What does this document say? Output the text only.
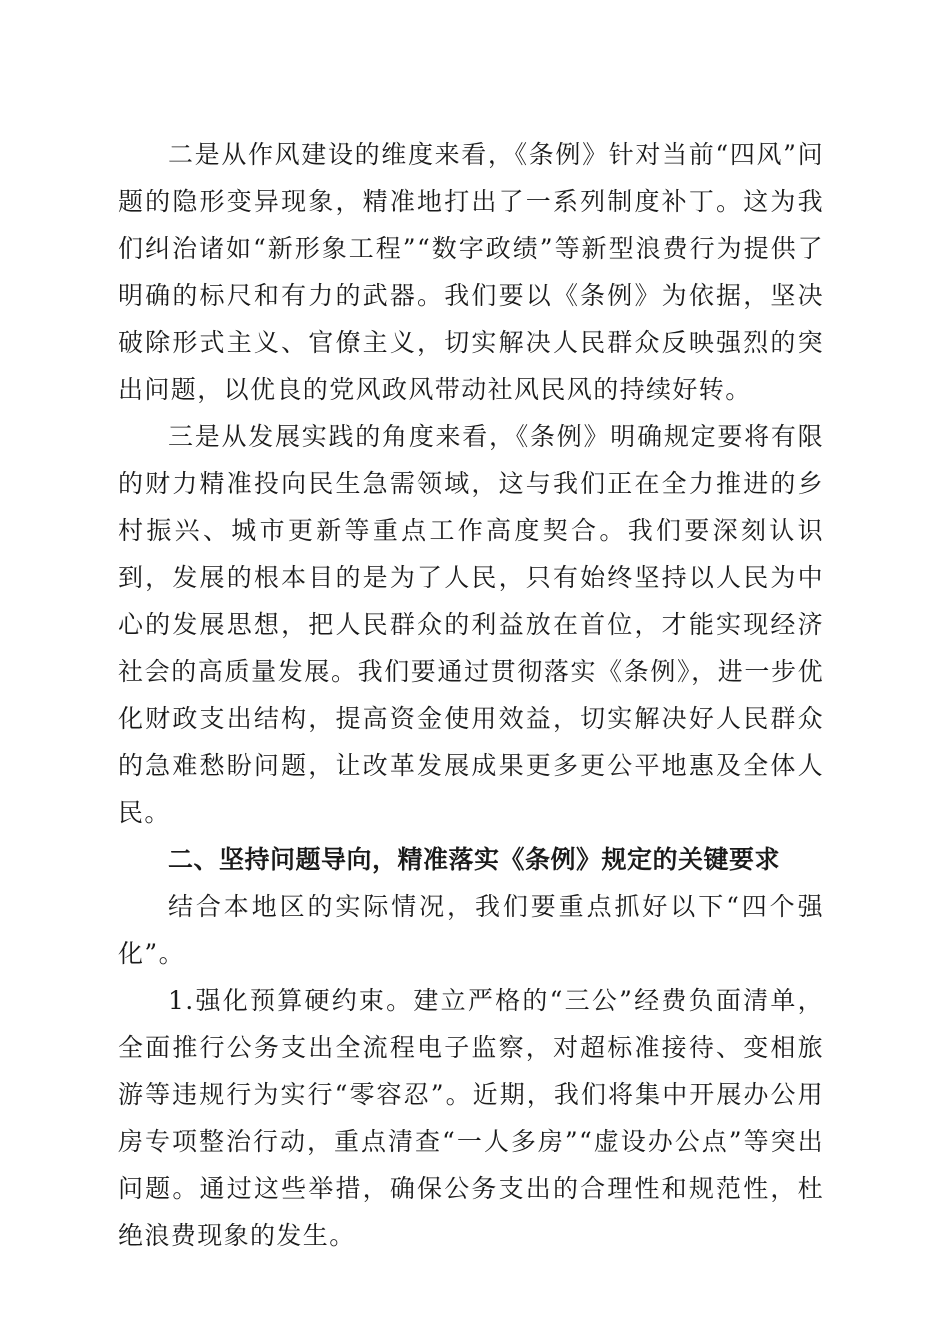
二是从作风建设的维度来看，《条例》针对当前“四风”问题的隐形变异现象，精准地打出了一系列制度补丁。这为我们纠治诸如“新形象工程”“数字政绩”等新型浪费行为提供了明确的标尺和有力的武器。我们要以《条例》为依据，坚决破除形式主义、官僚主义，切实解决人民群众反映强烈的突出问题，以优良的党风政风带动社风民风的持续好转。

三是从发展实践的角度来看，《条例》明确规定要将有限的财力精准投向民生急需领域，这与我们正在全力推进的乡村振兴、城市更新等重点工作高度契合。我们要深刻认识到，发展的根本目的是为了人民，只有始终坚持以人民为中心的发展思想，把人民群众的利益放在首位，才能实现经济社会的高质量发展。我们要通过贯彻落实《条例》，进一步优化财政支出结构，提高资金使用效益，切实解决好人民群众的急难愁盼问题，让改革发展成果更多更公平地惠及全体人民。

二、坚持问题导向，精准落实《条例》规定的关键要求

结合本地区的实际情况，我们要重点抓好以下“四个强化”。

1.强化预算硬约束。建立严格的“三公”经费负面清单，全面推行公务支出全流程电子监察，对超标准接待、变相旅游等违规行为实行“零容忍”。近期，我们将集中开展办公用房专项整治行动，重点清查“一人多房”“虚设办公点”等突出问题。通过这些举措，确保公务支出的合理性和规范性，杜绝浪费现象的发生。
